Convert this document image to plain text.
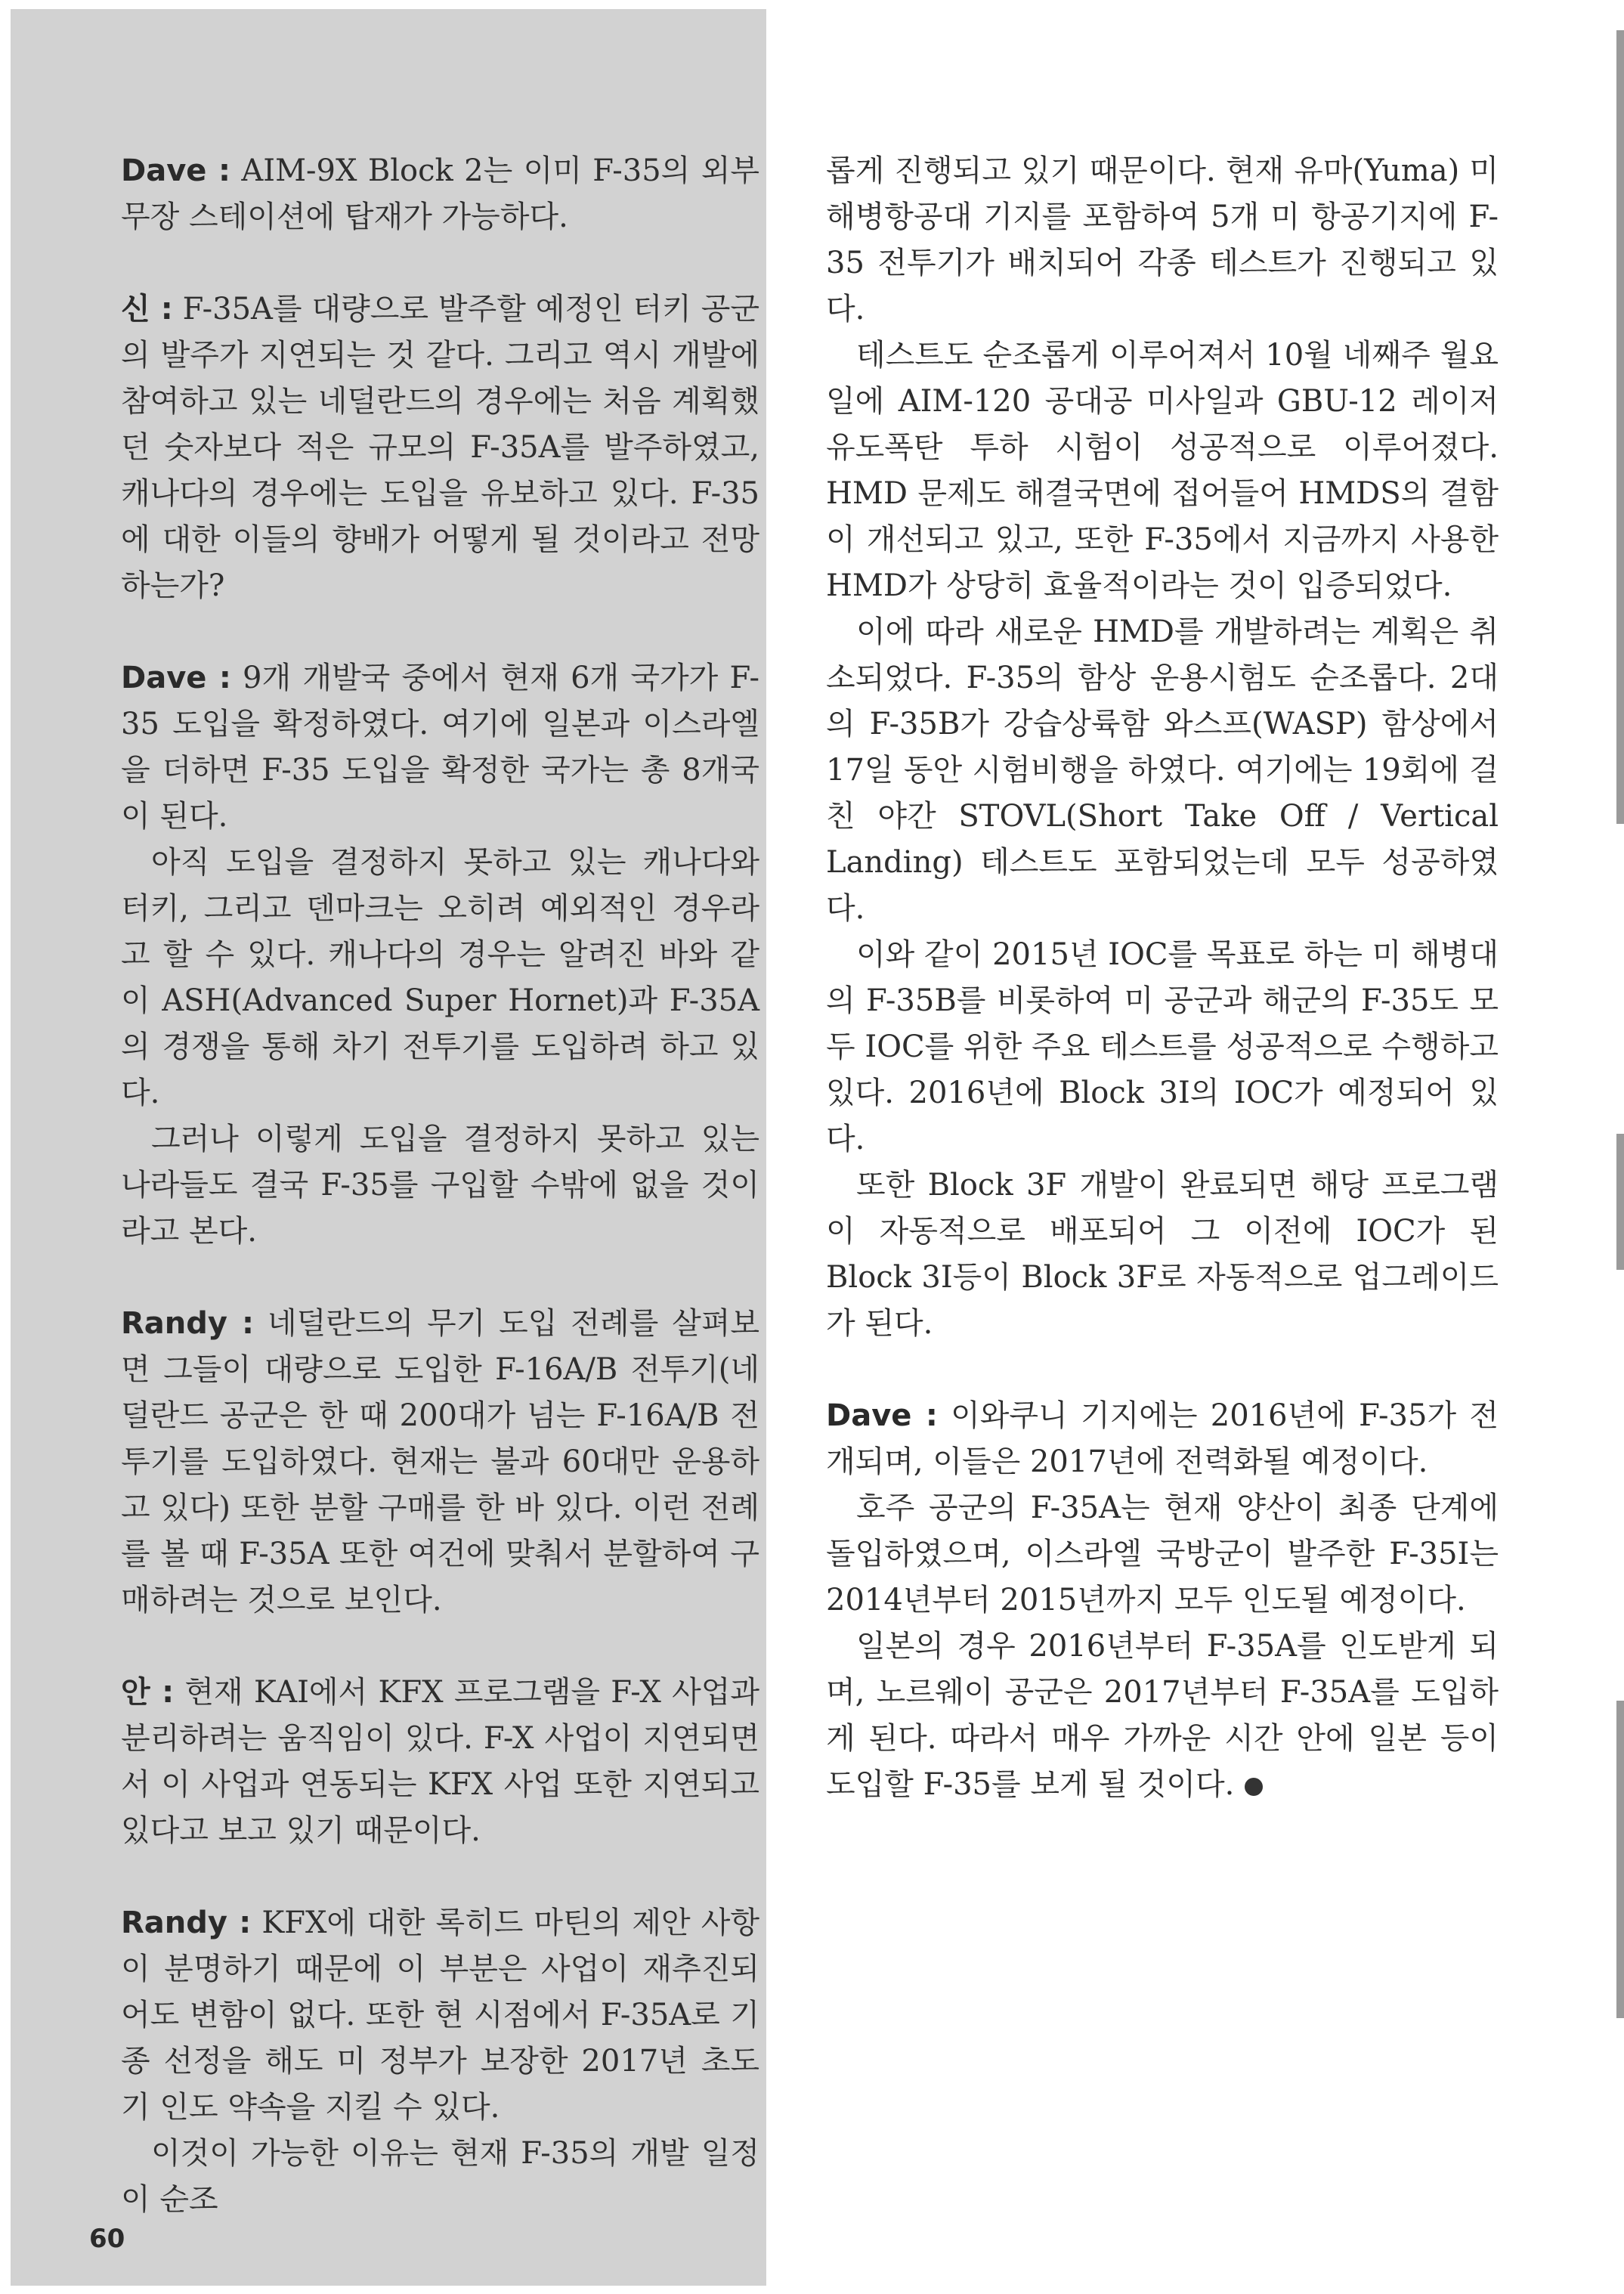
Dave : AIM-9X Block 2는 이미 F-35의 외부 무장 스테이션에 탑재가 가능하다.

신 : F-35A를 대량으로 발주할 예정인 터키 공군의 발주가 지연되는 것 같다. 그리고 역시 개발에 참여하고 있는 네덜란드의 경우에는 처음 계획했던 숫자보다 적은 규모의 F-35A를 발주하였고, 캐나다의 경우에는 도입을 유보하고 있다. F-35에 대한 이들의 향배가 어떻게 될 것이라고 전망하는가?

Dave : 9개 개발국 중에서 현재 6개 국가가 F-35 도입을 확정하였다. 여기에 일본과 이스라엘을 더하면 F-35 도입을 확정한 국가는 총 8개국이 된다.

아직 도입을 결정하지 못하고 있는 캐나다와 터키, 그리고 덴마크는 오히려 예외적인 경우라고 할 수 있다. 캐나다의 경우는 알려진 바와 같이 ASH(Advanced Super Hornet)과 F-35A의 경쟁을 통해 차기 전투기를 도입하려 하고 있다.

그러나 이렇게 도입을 결정하지 못하고 있는 나라들도 결국 F-35를 구입할 수밖에 없을 것이라고 본다.

Randy : 네덜란드의 무기 도입 전례를 살펴보면 그들이 대량으로 도입한 F-16A/B 전투기(네덜란드 공군은 한 때 200대가 넘는 F-16A/B 전투기를 도입하였다. 현재는 불과 60대만 운용하고 있다) 또한 분할 구매를 한 바 있다. 이런 전례를 볼 때 F-35A 또한 여건에 맞춰서 분할하여 구매하려는 것으로 보인다.

안 : 현재 KAI에서 KFX 프로그램을 F-X 사업과 분리하려는 움직임이 있다. F-X 사업이 지연되면서 이 사업과 연동되는 KFX 사업 또한 지연되고 있다고 보고 있기 때문이다.

Randy : KFX에 대한 록히드 마틴의 제안 사항이 분명하기 때문에 이 부분은 사업이 재추진되어도 변함이 없다. 또한 현 시점에서 F-35A로 기종 선정을 해도 미 정부가 보장한 2017년 초도기 인도 약속을 지킬 수 있다.

이것이 가능한 이유는 현재 F-35의 개발 일정이 순조

롭게 진행되고 있기 때문이다. 현재 유마(Yuma) 미 해병항공대 기지를 포함하여 5개 미 항공기지에 F-35 전투기가 배치되어 각종 테스트가 진행되고 있다.

테스트도 순조롭게 이루어져서 10월 네째주 월요일에 AIM-120 공대공 미사일과 GBU-12 레이저 유도폭탄 투하 시험이 성공적으로 이루어졌다. HMD 문제도 해결국면에 접어들어 HMDS의 결함이 개선되고 있고, 또한 F-35에서 지금까지 사용한 HMD가 상당히 효율적이라는 것이 입증되었다.

이에 따라 새로운 HMD를 개발하려는 계획은 취소되었다. F-35의 함상 운용시험도 순조롭다. 2대의 F-35B가 강습상륙함 와스프(WASP) 함상에서 17일 동안 시험비행을 하였다. 여기에는 19회에 걸친 야간 STOVL(Short Take Off / Vertical Landing) 테스트도 포함되었는데 모두 성공하였다.

이와 같이 2015년 IOC를 목표로 하는 미 해병대의 F-35B를 비롯하여 미 공군과 해군의 F-35도 모두 IOC를 위한 주요 테스트를 성공적으로 수행하고 있다. 2016년에 Block 3I의 IOC가 예정되어 있다.

또한 Block 3F 개발이 완료되면 해당 프로그램이 자동적으로 배포되어 그 이전에 IOC가 된 Block 3I등이 Block 3F로 자동적으로 업그레이드가 된다.

Dave : 이와쿠니 기지에는 2016년에 F-35가 전개되며, 이들은 2017년에 전력화될 예정이다.

호주 공군의 F-35A는 현재 양산이 최종 단계에 돌입하였으며, 이스라엘 국방군이 발주한 F-35I는 2014년부터 2015년까지 모두 인도될 예정이다.

일본의 경우 2016년부터 F-35A를 인도받게 되며, 노르웨이 공군은 2017년부터 F-35A를 도입하게 된다. 따라서 매우 가까운 시간 안에 일본 등이 도입할 F-35를 보게 될 것이다.

60
